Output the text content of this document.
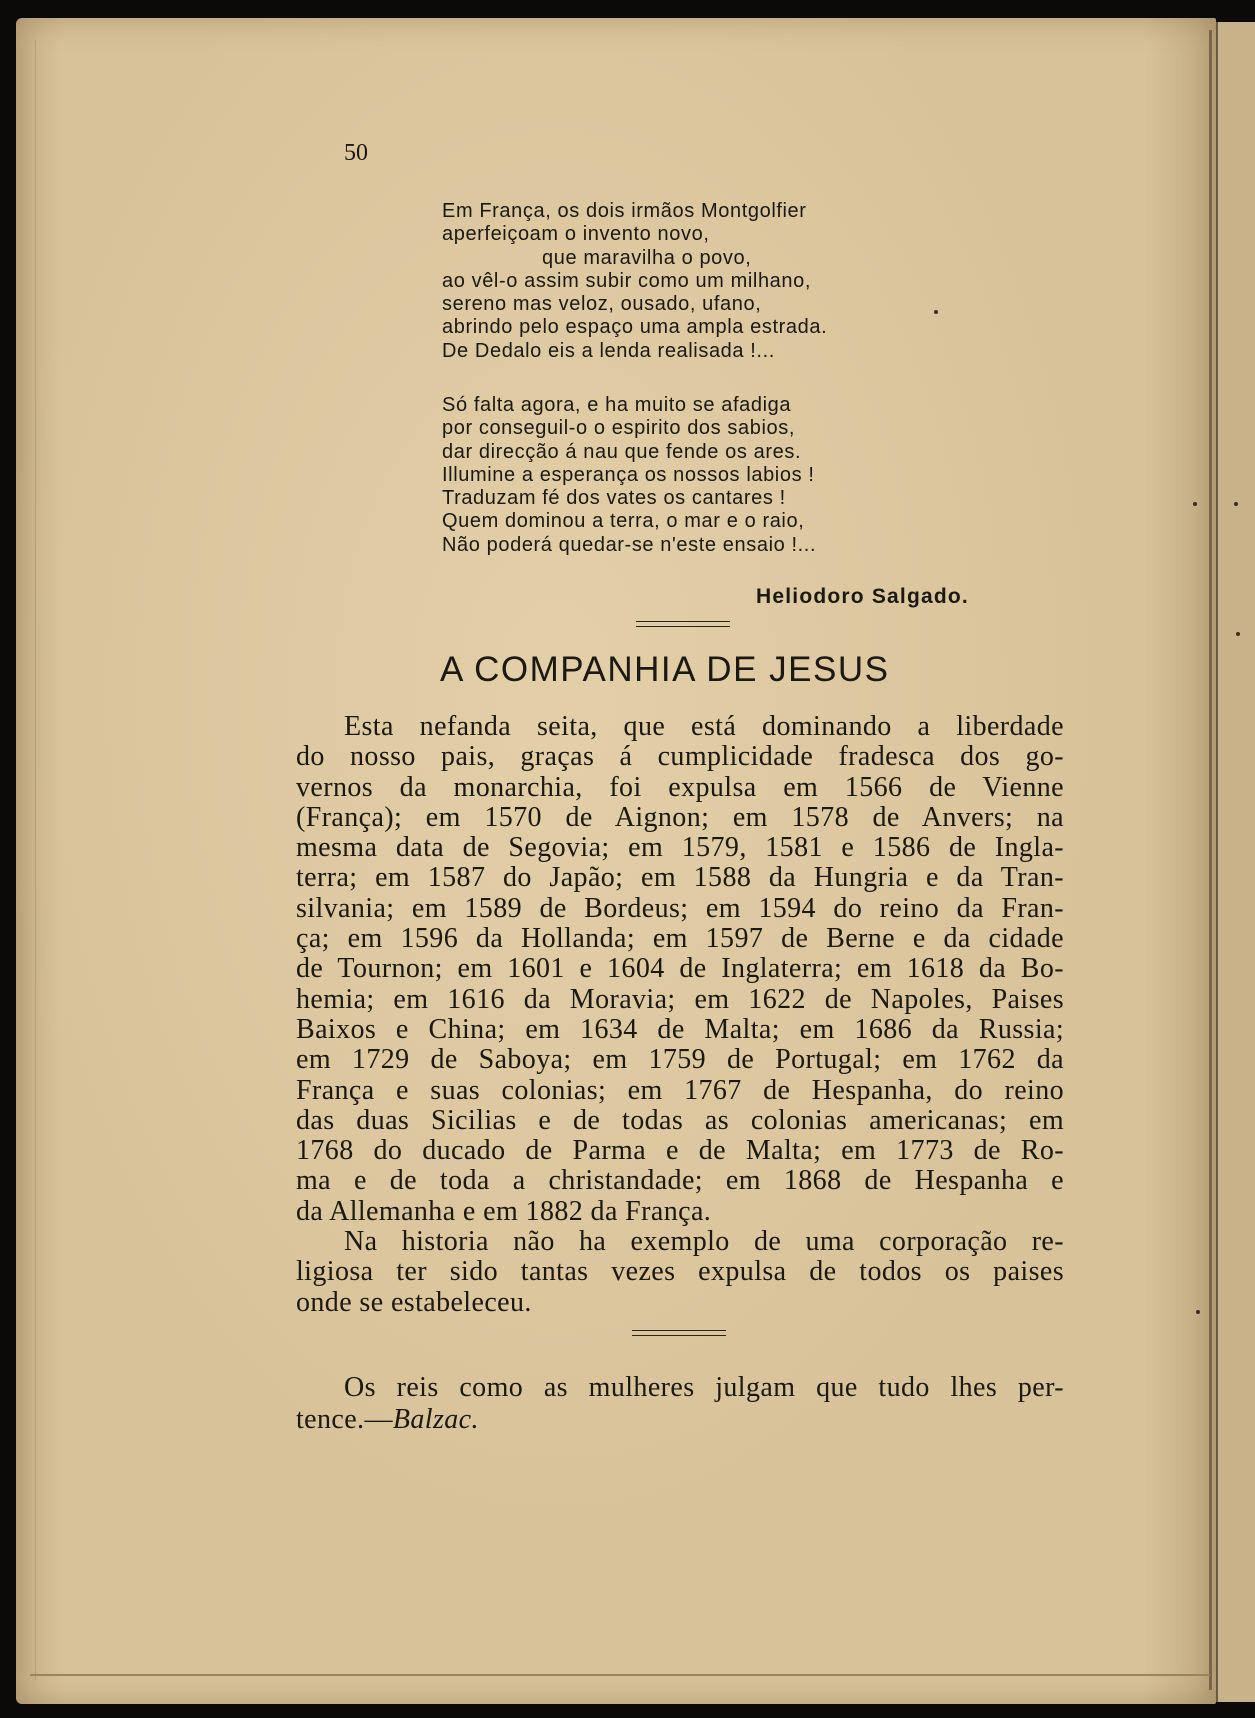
50
Em França, os dois irmãos Montgolfier
aperfeiçoam o invento novo,
que maravilha o povo,
ao vêl-o assim subir como um milhano,
sereno mas veloz, ousado, ufano,
abrindo pelo espaço uma ampla estrada.
De Dedalo eis a lenda realisada !...
Só falta agora, e ha muito se afadiga
por conseguil-o o espirito dos sabios,
dar direcção á nau que fende os ares.
Illumine a esperança os nossos labios !
Traduzam fé dos vates os cantares !
Quem dominou a terra, o mar e o raio,
Não poderá quedar-se n'este ensaio !...
Heliodoro Salgado.
A COMPANHIA DE JESUS
Esta nefanda seita, que está dominando a liberdade
do nosso pais, graças á cumplicidade fradesca dos go-
vernos da monarchia, foi expulsa em 1566 de Vienne
(França); em 1570 de Aignon; em 1578 de Anvers; na
mesma data de Segovia; em 1579, 1581 e 1586 de Ingla-
terra; em 1587 do Japão; em 1588 da Hungria e da Tran-
silvania; em 1589 de Bordeus; em 1594 do reino da Fran-
ça; em 1596 da Hollanda; em 1597 de Berne e da cidade
de Tournon; em 1601 e 1604 de Inglaterra; em 1618 da Bo-
hemia; em 1616 da Moravia; em 1622 de Napoles, Paises
Baixos e China; em 1634 de Malta; em 1686 da Russia;
em 1729 de Saboya; em 1759 de Portugal; em 1762 da
França e suas colonias; em 1767 de Hespanha, do reino
das duas Sicilias e de todas as colonias americanas; em
1768 do ducado de Parma e de Malta; em 1773 de Ro-
ma e de toda a christandade; em 1868 de Hespanha e
da Allemanha e em 1882 da França.
Na historia não ha exemplo de uma corporação re-
ligiosa ter sido tantas vezes expulsa de todos os paises
onde se estabeleceu.
Os reis como as mulheres julgam que tudo lhes per-
tence.—Balzac.
